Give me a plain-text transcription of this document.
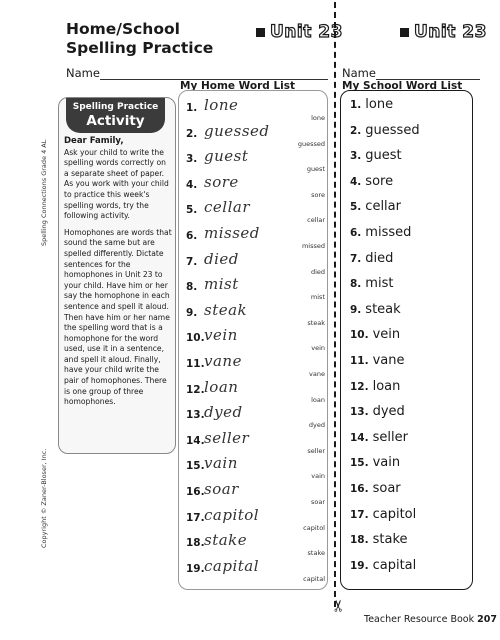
Spelling Connections Grade 4 AL
Copyright © Zaner-Bloser, Inc.
Home/School
Spelling Practice
Unit 23	Unit 23
Name	Name
My Home Word List	My School Word List
Spelling Practice
Activity
Dear Family,

Ask your child to write the spelling words correctly on a separate sheet of paper. As you work with your child to practice this week's spelling words, try the following activity.

Homophones are words that sound the same but are spelled differently. Dictate sentences for the homophones in Unit 23 to your child. Have him or her say the homophone in each sentence and spell it aloud. Then have him or her name the spelling word that is a homophone for the word used, use it in a sentence, and spell it aloud. Finally, have your child write the pair of homophones. There is one group of three homophones.

1. lone
lone
2. guessed
guessed
3. guest
guest
4. sore
sore
5. cellar
cellar
6. missed
missed
7. died
died
8. mist
mist
9. steak
steak
10. vein
vein
11. vane
vane
12. loan
loan
13. dyed
dyed
14. seller
seller
15. vain
vain
16. soar
soar
17. capitol
capitol
18. stake
stake
19. capital
capital
1. lone
2. guessed
3. guest
4. sore
5. cellar
6. missed
7. died
8. mist
9. steak
10. vein
11. vane
12. loan
13. dyed
14. seller
15. vain
16. soar
17. capitol
18. stake
19. capital
✂
Teacher Resource Book 207
